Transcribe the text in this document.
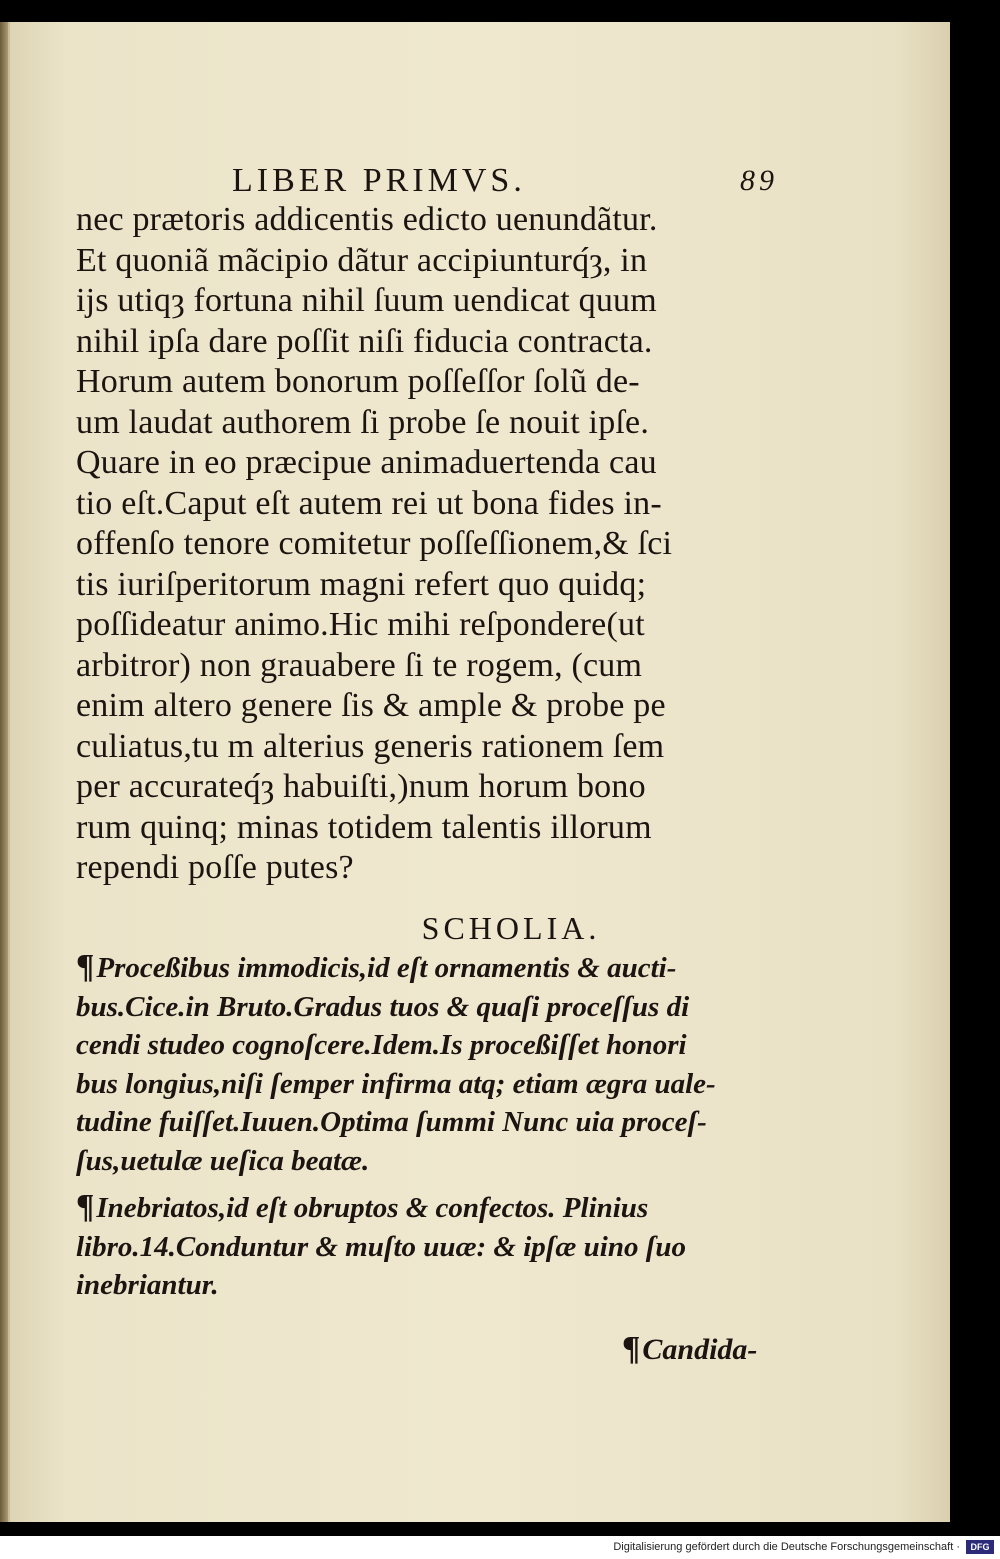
LIBER PRIMVS.	89
nec prætoris addicentis edicto uenundãtur.
Et quoniã mãcipio dãtur accipiunturq́ȝ, in
ijs utiqȝ fortuna nihil ſuum uendicat quum
nihil ipſa dare poſſit niſi fiducia contracta.
Horum autem bonorum poſſeſſor ſolũ de-
um laudat authorem ſi probe ſe nouit ipſe.
Quare in eo præcipue animaduertenda cau
tio eſt.Caput eſt autem rei ut bona fides in-
offenſo tenore comitetur poſſeſſionem,& ſci
tis iuriſperitorum magni refert quo quidq;
poſſideatur animo.Hic mihi reſpondere(ut
arbitror) non grauabere ſi te rogem, (cum
enim altero genere ſis & ample & probe pe
culiatus,tu m alterius generis rationem ſem
per accurateq́ȝ habuiſti,)num horum bono
rum quinq; minas totidem talentis illorum
rependi poſſe putes?
SCHOLIA.
¶Proceßibus immodicis,id eſt ornamentis & aucti-
bus.Cice.in Bruto.Gradus tuos & quaſi proceſſus di
cendi studeo cognoſcere.Idem.Is proceßiſſet honori
bus longius,niſi ſemper infirma atq; etiam ægra uale-
tudine fuiſſet.Iuuen.Optima ſummi Nunc uia proceſ-
ſus,uetulæ ueſica beatæ.
¶Inebriatos,id eſt obruptos & confectos. Plinius
libro.14.Conduntur & muſto uuæ: & ipſæ uino ſuo
inebriantur.
¶Candida-
Digitalisierung gefördert durch die Deutsche Forschungsgemeinschaft ·	DFG
